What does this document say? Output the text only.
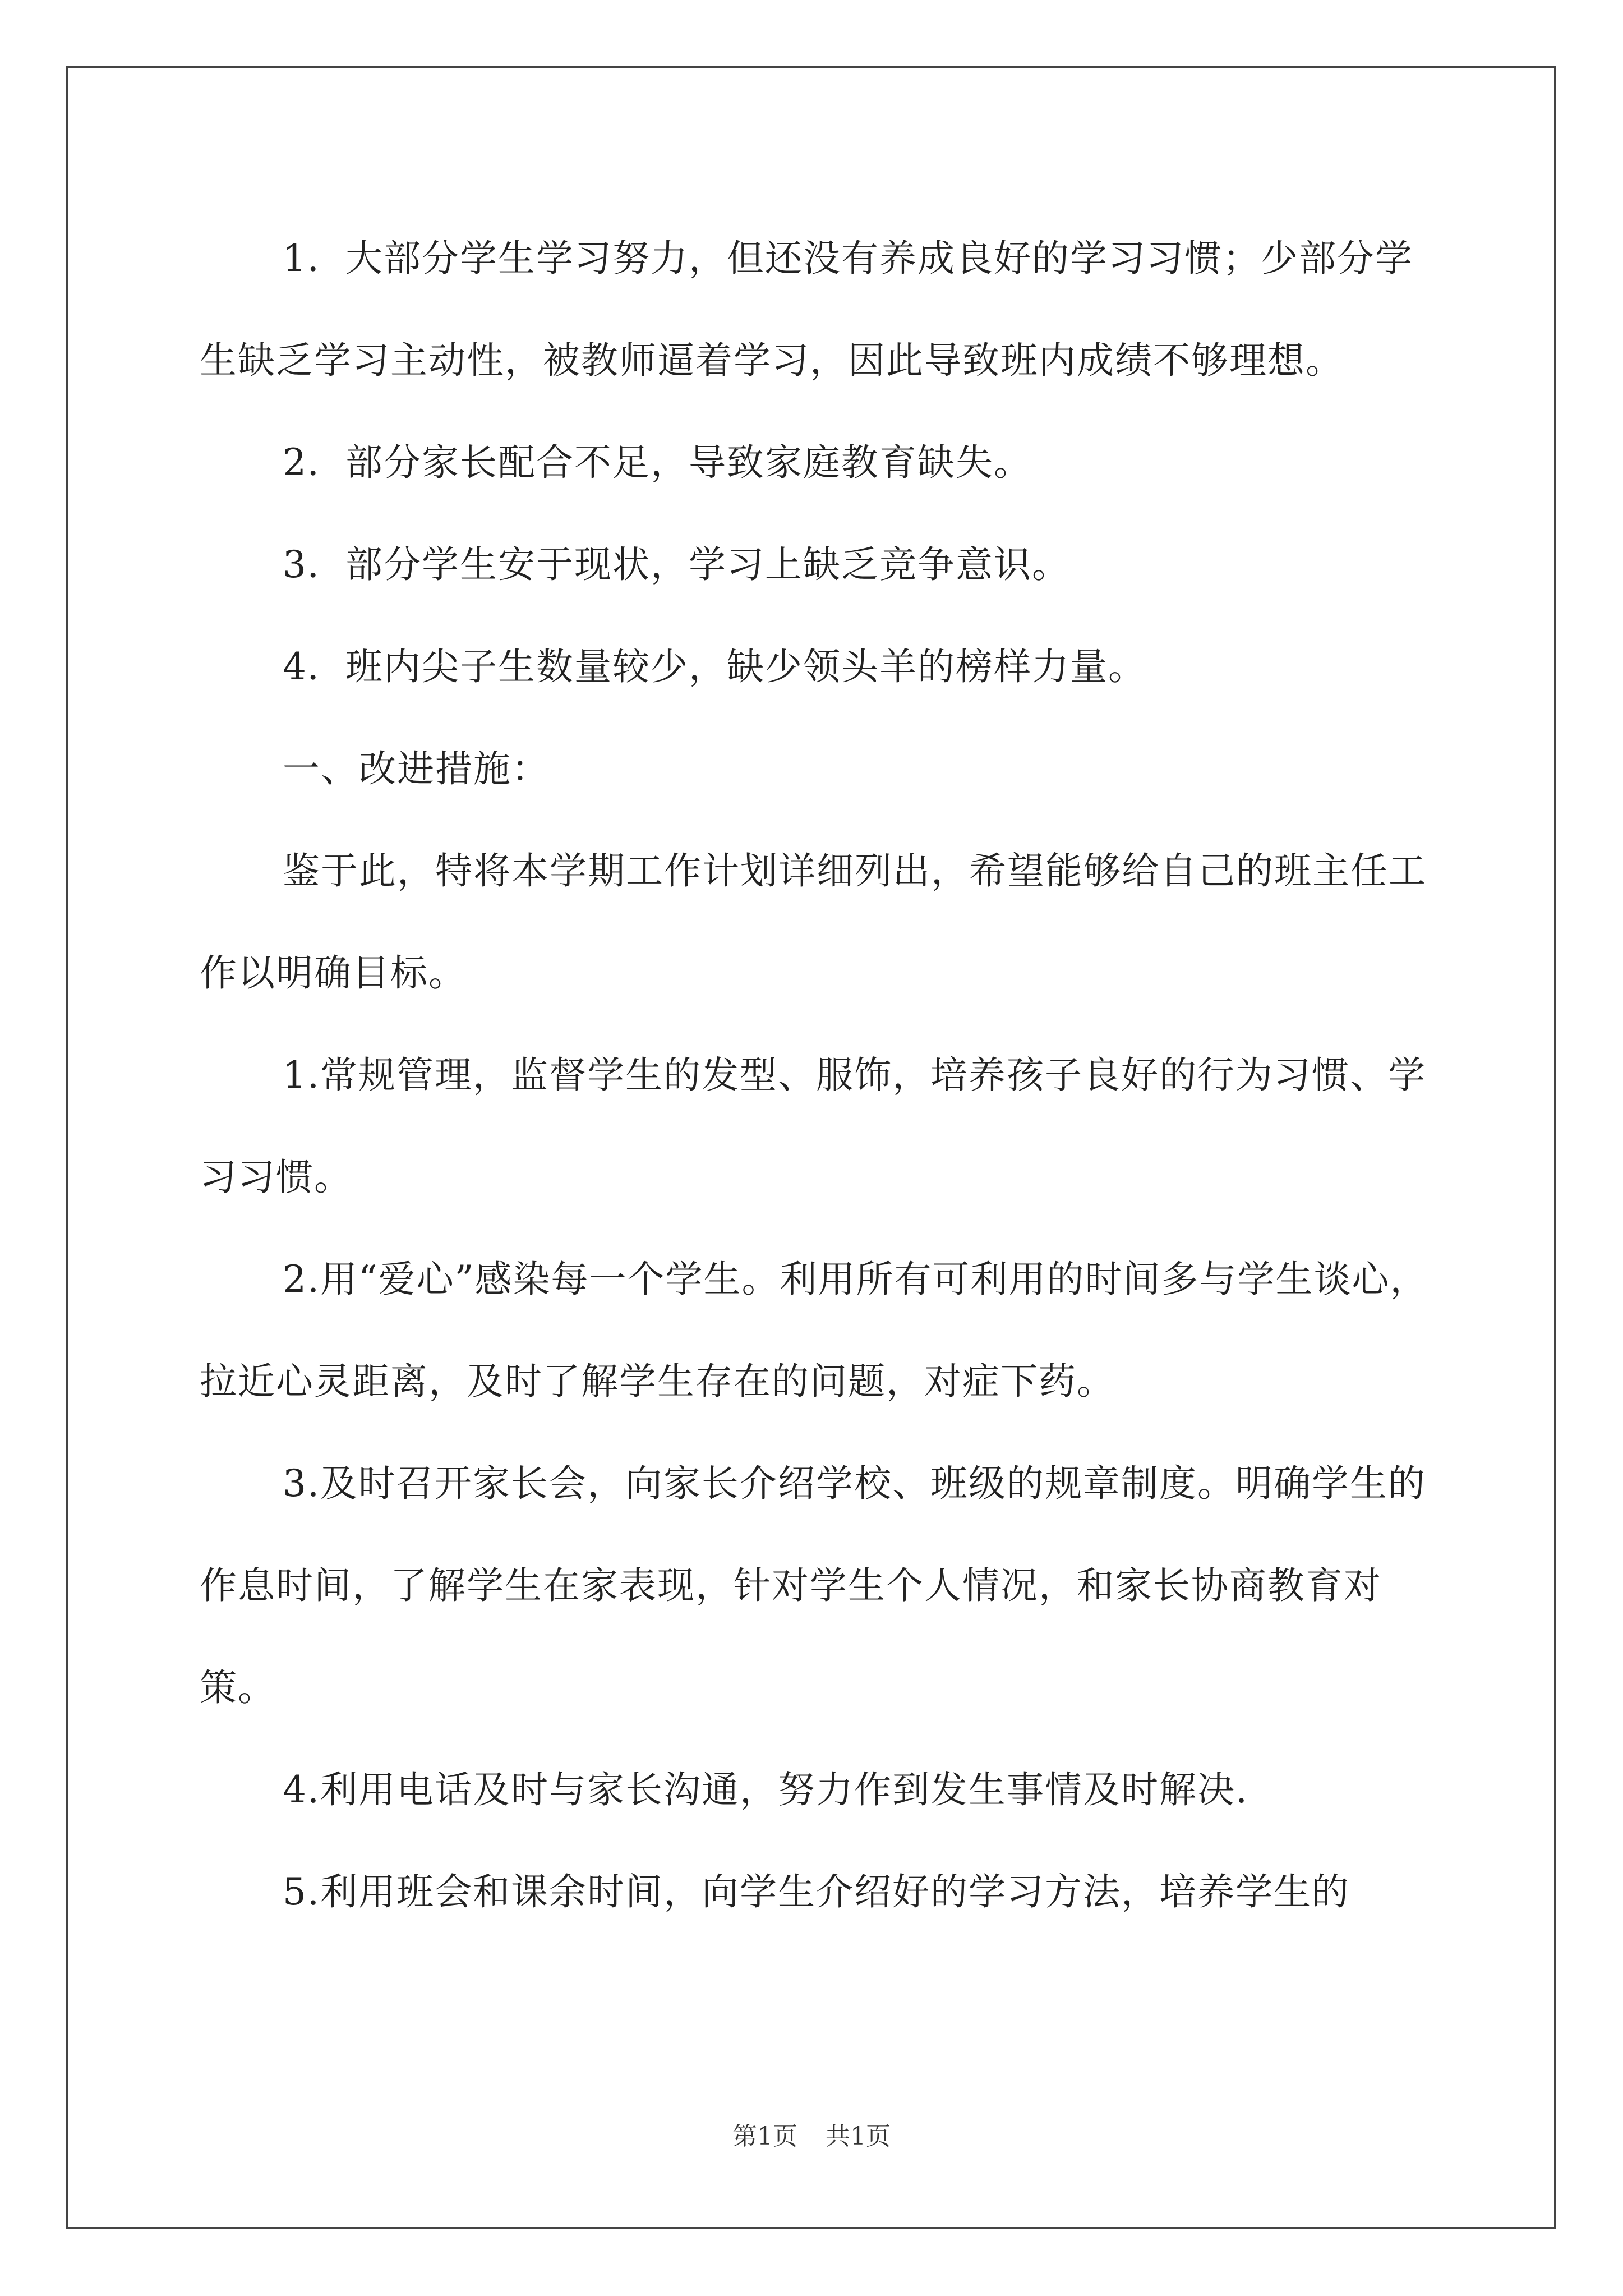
1．大部分学生学习努力，但还没有养成良好的学习习惯；少部分学生缺乏学习主动性，被教师逼着学习，因此导致班内成绩不够理想。

2．部分家长配合不足，导致家庭教育缺失。

3．部分学生安于现状，学习上缺乏竞争意识。

4．班内尖子生数量较少，缺少领头羊的榜样力量。

一、改进措施：

鉴于此，特将本学期工作计划详细列出，希望能够给自己的班主任工作以明确目标。

1.常规管理，监督学生的发型、服饰，培养孩子良好的行为习惯、学习习惯。

2.用“爱心”感染每一个学生。利用所有可利用的时间多与学生谈心，拉近心灵距离，及时了解学生存在的问题，对症下药。

3.及时召开家长会，向家长介绍学校、班级的规章制度。明确学生的作息时间，了解学生在家表现，针对学生个人情况，和家长协商教育对策。

4.利用电话及时与家长沟通，努力作到发生事情及时解决.

5.利用班会和课余时间，向学生介绍好的学习方法，培养学生的

第1页 共1页
